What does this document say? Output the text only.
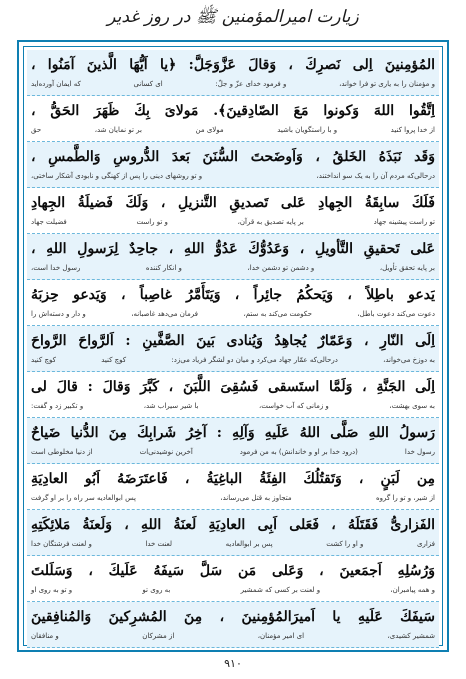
زیارت امیرالمؤمنین ﷺ در روز غدیر
المُؤمِنينَ اِلى نَصرِكَ ، وَقالَ عَزَّوَجَلَّ: ﴿يا اَيُّهَا الَّذينَ آمَنُوا ،
و مؤمنان را به یاری تو فرا خواند،
و فرمود خدای عزّ و جلّ:
ای کسانی
که ایمان آورده‌اید
اِتَّقُوا اللهَ وَكونوا مَعَ الصّادِقينَ﴾. مَولاىَ بِكَ ظَهَرَ الحَقُّ ،
از خدا پروا کنید
و با راستگویان باشید
مولای من
بر تو نمایان شد،
حق
وَقَد نَبَذَهُ الخَلقُ ، وَاَوضَحتَ السُّنَنَ بَعدَ الدُّروسِ وَالطَّمسِ ،
درحالی‌که مردم آن را به یک سو انداختند،
و تو روشهای دینی را پس از کهنگی و نابودی آشکار ساختی،
فَلَكَ سابِقَةُ الجِهادِ عَلى تَصديقِ التَّنزيلِ ، وَلَكَ فَضيلَةُ الجِهادِ
تو راست پیشینه جهاد
بر پایه تصدیق به قرآن،
و تو راست
فضیلت جهاد
عَلى تَحقيقِ التَّأويلِ ، وَعَدُوُّكَ عَدُوُّ اللهِ ، جاحِدٌ لِرَسولِ اللهِ ،
بر پایه تحقق تأویل،
و دشمن تو دشمن خدا،
و انکار کننده
رسول خدا است،
يَدعو باطِلاً ، وَيَحكُمُ جائِراً ، وَيَتَأَمَّرُ غاصِباً ، وَيَدعو حِزبَهُ
دعوت می‌کند دعوت باطل،
حکومت می‌کند به ستم،
فرمان می‌دهد غاصبانه،
و دار و دسته‌اش را
اِلَى النّارِ ، وَعَمّارٌ يُجاهِدُ وَيُنادى بَينَ الصَّفَّينِ : اَلرَّواحَ الرَّواحَ
به دوزخ می‌خواند،
درحالی‌که عمّار جهاد می‌کرد و میان دو لشگر فریاد می‌زد:
کوچ کنید
کوچ کنید
اِلَى الجَنَّةِ ، وَلَمَّا استَسقى فَسُقِىَ اللَّبَنَ ، كَبَّرَ وَقالَ : قالَ لى
به سوی بهشت،
و زمانی که آب خواست،
با شیر سیراب شد،
و تکبیر زد و گفت:
رَسولُ اللهِ صَلَّى اللهُ عَلَيهِ وَآلِهِ : آخِرُ شَرابِكَ مِنَ الدُّنيا ضَياحٌ
رسول خدا
(درود خدا بر او و خاندانش) به من فرمود
آخرین نوشیدنی‌ات
از دنیا مخلوطی است
مِن لَبَنٍ ، وَتَقتُلُكَ الفِئَةُ الباغِيَةُ ، فَاعتَرَضَهُ اَبُو العادِيَةِ
از شیر، و تو را گروه
متجاوز به قتل می‌رساند،
پس ابوالعادیه سر راه را بر او گرفت
الفَزارىُّ فَقَتَلَهُ ، فَعَلى اَبِى العادِيَةِ لَعنَةُ اللهِ ، وَلَعنَةُ مَلائِكَتِهِ
فزاری
و او را کشت
پس بر ابوالعادیه
لعنت خدا
و لعنت فرشتگان خدا
وَرُسُلِهِ اَجمَعينَ ، وَعَلى مَن سَلَّ سَيفَهُ عَلَيكَ ، وَسَلَلتَ
و همه پیامبران،
و لعنت بر کسی که شمشیر
به روی تو
و تو به روی او
سَيفَكَ عَلَيهِ يا اَميرَالمُؤمِنينَ ، مِنَ المُشرِكينَ وَالمُنافِقينَ
شمشیر کشیدی،
ای امیر مؤمنان،
از مشرکان
و منافقان
۹۱۰
